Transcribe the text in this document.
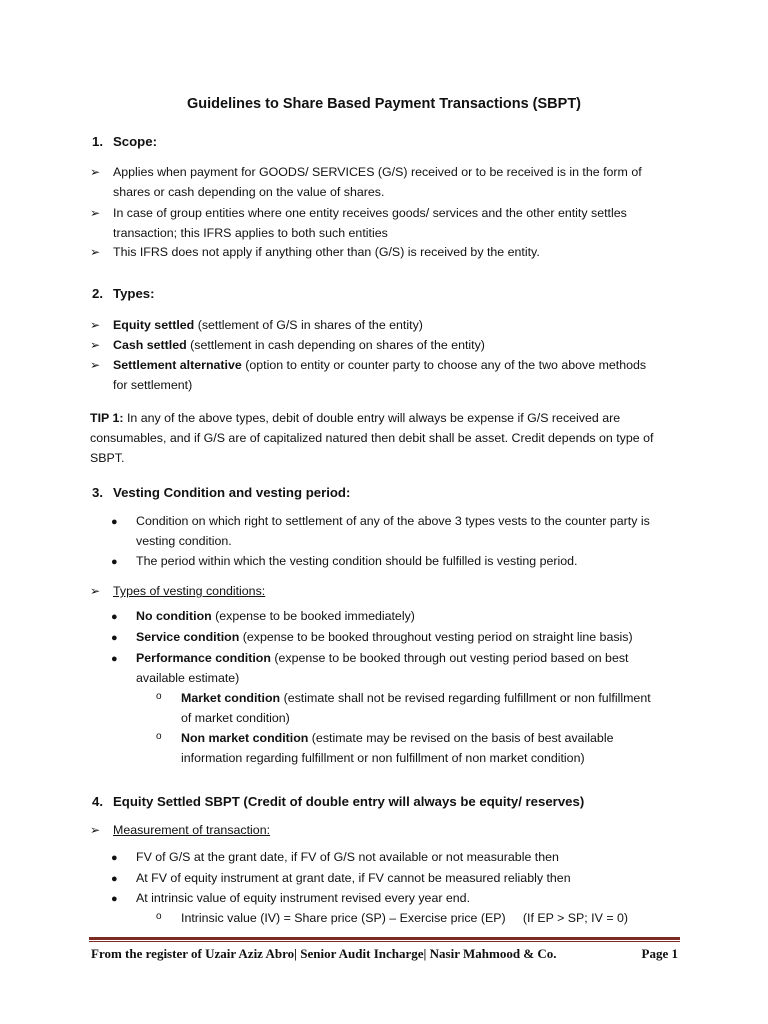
Guidelines to Share Based Payment Transactions (SBPT)
1. Scope:
➢ Applies when payment for GOODS/ SERVICES (G/S) received or to be received is in the form of
shares or cash depending on the value of shares.
➢ In case of group entities where one entity receives goods/ services and the other entity settles
transaction; this IFRS applies to both such entities
➢ This IFRS does not apply if anything other than (G/S) is received by the entity.
2. Types:
➢ Equity settled (settlement of G/S in shares of the entity)
➢ Cash settled (settlement in cash depending on shares of the entity)
➢ Settlement alternative (option to entity or counter party to choose any of the two above methods
for settlement)
TIP 1: In any of the above types, debit of double entry will always be expense if G/S received are
consumables, and if G/S are of capitalized natured then debit shall be asset. Credit depends on type of
SBPT.
3. Vesting Condition and vesting period:
● Condition on which right to settlement of any of the above 3 types vests to the counter party is
vesting condition.
● The period within which the vesting condition should be fulfilled is vesting period.
➢ Types of vesting conditions:
● No condition (expense to be booked immediately)
● Service condition (expense to be booked throughout vesting period on straight line basis)
● Performance condition (expense to be booked through out vesting period based on best
available estimate)
o Market condition (estimate shall not be revised regarding fulfillment or non fulfillment
of market condition)
o Non market condition (estimate may be revised on the basis of best available
information regarding fulfillment or non fulfillment of non market condition)
4. Equity Settled SBPT (Credit of double entry will always be equity/ reserves)
➢ Measurement of transaction:
● FV of G/S at the grant date, if FV of G/S not available or not measurable then
● At FV of equity instrument at grant date, if FV cannot be measured reliably then
● At intrinsic value of equity instrument revised every year end.
o Intrinsic value (IV) = Share price (SP) – Exercise price (EP)     (If EP > SP; IV = 0)
From the register of Uzair Aziz Abro| Senior Audit Incharge| Nasir Mahmood & Co.	Page 1
